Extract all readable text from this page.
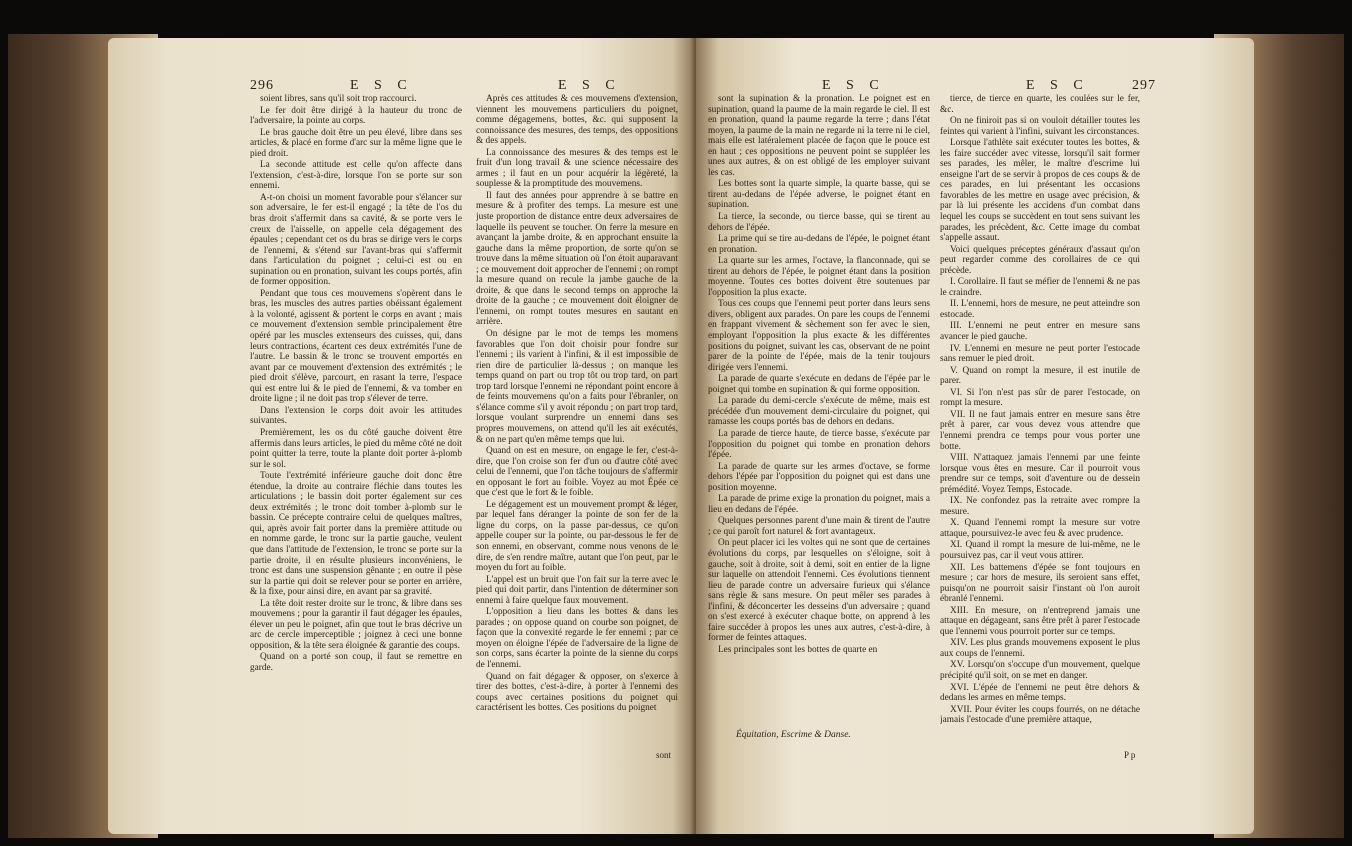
296	E S C	E S C

soient libres, sans qu'il soit trop raccourci.

Le fer doit être dirigé à la hauteur du tronc de l'adversaire, la pointe au corps.

Le bras gauche doit être un peu élevé, libre dans ses articles, & placé en forme d'arc sur la même ligne que le pied droit.

La seconde attitude est celle qu'on affecte dans l'extension, c'est-à-dire, lorsque l'on se porte sur son ennemi.

A-t-on choisi un moment favorable pour s'élancer sur son adversaire, le fer est-il engagé ; la tête de l'os du bras droit s'affermit dans sa cavité, & se porte vers le creux de l'aisselle, on appelle cela dégagement des épaules ; cependant cet os du bras se dirige vers le corps de l'ennemi, & s'étend sur l'avant-bras qui s'affermit dans l'articulation du poignet ; celui-ci est ou en supination ou en pronation, suivant les coups portés, afin de former opposition.

Pendant que tous ces mouvemens s'opèrent dans le bras, les muscles des autres parties obéissant également à la volonté, agissent & portent le corps en avant ; mais ce mouvement d'extension semble principalement être opéré par les muscles extenseurs des cuisses, qui, dans leurs contractions, écartent ces deux extrémités l'une de l'autre. Le bassin & le tronc se trouvent emportés en avant par ce mouvement d'extension des extrémités ; le pied droit s'élève, parcourt, en rasant la terre, l'espace qui est entre lui & le pied de l'ennemi, & va tomber en droite ligne ; il ne doit pas trop s'élever de terre.

Dans l'extension le corps doit avoir les attitudes suivantes.

Premièrement, les os du côté gauche doivent être affermis dans leurs articles, le pied du même côté ne doit point quitter la terre, toute la plante doit porter à-plomb sur le sol.

Toute l'extrémité inférieure gauche doit donc être étendue, la droite au contraire fléchie dans toutes les articulations ; le bassin doit porter également sur ces deux extrémités ; le tronc doit tomber à-plomb sur le bassin. Ce précepte contraire celui de quelques maîtres, qui, après avoir fait porter dans la première attitude ou en nomme garde, le tronc sur la partie gauche, veulent que dans l'attitude de l'extension, le tronc se porte sur la partie droite, il en résulte plusieurs inconvéniens, le tronc est dans une suspension gênante ; en outre il pèse sur la partie qui doit se relever pour se porter en arrière, & la fixe, pour ainsi dire, en avant par sa gravité.

La tête doit rester droite sur le tronc, & libre dans ses mouvemens ; pour la garantir il faut dégager les épaules, élever un peu le poignet, afin que tout le bras décrive un arc de cercle imperceptible ; joignez à ceci une bonne opposition, & la tête sera éloignée & garantie des coups.

Quand on a porté son coup, il faut se remettre en garde.

Après ces attitudes & ces mouvemens d'extension, viennent les mouvemens particuliers du poignet, comme dégagemens, bottes, &c. qui supposent la connoissance des mesures, des temps, des oppositions & des appels.

La connoissance des mesures & des temps est le fruit d'un long travail & une science nécessaire des armes ; il faut en un pour acquérir la légèreté, la souplesse & la promptitude des mouvemens.

Il faut des années pour apprendre à se battre en mesure & à profiter des temps. La mesure est une juste proportion de distance entre deux adversaires de laquelle ils peuvent se toucher. On ferre la mesure en avançant la jambe droite, & en approchant ensuite la gauche dans la même proportion, de sorte qu'on se trouve dans la même situation où l'on étoit auparavant ; ce mouvement doit approcher de l'ennemi ; on rompt la mesure quand on recule la jambe gauche de la droite, & que dans le second temps on approche la droite de la gauche ; ce mouvement doit éloigner de l'ennemi, on rompt toutes mesures en sautant en arrière.

On désigne par le mot de temps les momens favorables que l'on doit choisir pour fondre sur l'ennemi ; ils varient à l'infini, & il est impossible de rien dire de particulier là-dessus ; on manque les temps quand on part ou trop tôt ou trop tard, on part trop tard lorsque l'ennemi ne répondant point encore à de feints mouvemens qu'on a faits pour l'ébranler, on s'élance comme s'il y avoit répondu ; on part trop tard, lorsque voulant surprendre un ennemi dans ses propres mouvemens, on attend qu'il les ait exécutés, & on ne part qu'en même temps que lui.

Quand on est en mesure, on engage le fer, c'est-à-dire, que l'on croise son fer d'un ou d'autre côté avec celui de l'ennemi, que l'on tâche toujours de s'affermir en opposant le fort au foible. Voyez au mot Épée ce que c'est que le fort & le foible.

Le dégagement est un mouvement prompt & léger, par lequel fans déranger la pointe de son fer de la ligne du corps, on la passe par-dessus, ce qu'on appelle couper sur la pointe, ou par-dessous le fer de son ennemi, en observant, comme nous venons de le dire, de s'en rendre maître, autant que l'on peut, par le moyen du fort au foible.

L'appel est un bruit que l'on fait sur la terre avec le pied qui doit partir, dans l'intention de déterminer son ennemi à faire quelque faux mouvement.

L'opposition a lieu dans les bottes & dans les parades ; on oppose quand on courbe son poignet, de façon que la convexité regarde le fer ennemi ; par ce moyen on éloigne l'épée de l'adversaire de la ligne de son corps, sans écarter la pointe de la sienne du corps de l'ennemi.

Quand on fait dégager & opposer, on s'exerce à tirer des bottes, c'est-à-dire, à porter à l'ennemi des coups avec certaines positions du poignet qui caractérisent les bottes. Ces positions du poignet

sont
E S C	E S C	297

sont la supination & la pronation. Le poignet est en supination, quand la paume de la main regarde le ciel. Il est en pronation, quand la paume regarde la terre ; dans l'état moyen, la paume de la main ne regarde ni la terre ni le ciel, mais elle est latéralement placée de façon que le pouce est en haut ; ces oppositions ne peuvent point se suppléer les unes aux autres, & on est obligé de les employer suivant les cas.

Les bottes sont la quarte simple, la quarte basse, qui se tirent au-dedans de l'épée adverse, le poignet étant en supination.

La tierce, la seconde, ou tierce basse, qui se tirent au dehors de l'épée.

La prime qui se tire au-dedans de l'épée, le poignet étant en pronation.

La quarte sur les armes, l'octave, la flanconnade, qui se tirent au dehors de l'épée, le poignet étant dans la position moyenne. Toutes ces bottes doivent être soutenues par l'opposition la plus exacte.

Tous ces coups que l'ennemi peut porter dans leurs sens divers, obligent aux parades. On pare les coups de l'ennemi en frappant vivement & sèchement son fer avec le sien, employant l'opposition la plus exacte & les différentes positions du poignet, suivant les cas, observant de ne point parer de la pointe de l'épée, mais de la tenir toujours dirigée vers l'ennemi.

La parade de quarte s'exécute en dedans de l'épée par le poignet qui tombe en supination & qui forme opposition.

La parade du demi-cercle s'exécute de même, mais est précédée d'un mouvement demi-circulaire du poignet, qui ramasse les coups portés bas de dehors en dedans.

La parade de tierce haute, de tierce basse, s'exécute par l'opposition du poignet qui tombe en pronation dehors l'épée.

La parade de quarte sur les armes d'octave, se forme dehors l'épée par l'opposition du poignet qui est dans une position moyenne.

La parade de prime exige la pronation du poignet, mais a lieu en dedans de l'épée.

Quelques personnes parent d'une main & tirent de l'autre ; ce qui paroît fort naturel & fort avantageux.

On peut placer ici les voltes qui ne sont que de certaines évolutions du corps, par lesquelles on s'éloigne, soit à gauche, soit à droite, soit à demi, soit en entier de la ligne sur laquelle on attendoit l'ennemi. Ces évolutions tiennent lieu de parade contre un adversaire furieux qui s'élance sans règle & sans mesure. On peut mêler ses parades à l'infini, & déconcerter les desseins d'un adversaire ; quand on s'est exercé à exécuter chaque botte, on apprend à les faire succéder à propos les unes aux autres, c'est-à-dire, à former de feintes attaques.

Les principales sont les bottes de quarte en

tierce, de tierce en quarte, les coulées sur le fer, &c.

On ne finiroit pas si on vouloit détailler toutes les feintes qui varient à l'infini, suivant les circonstances.

Lorsque l'athlète sait exécuter toutes les bottes, & les faire succéder avec vitesse, lorsqu'il sait former ses parades, les mêler, le maître d'escrime lui enseigne l'art de se servir à propos de ces coups & de ces parades, en lui présentant les occasions favorables de les mettre en usage avec précision, & par là lui présente les accidens d'un combat dans lequel les coups se succèdent en tout sens suivant les parades, les précèdent, &c. Cette image du combat s'appelle assaut.

Voici quelques préceptes généraux d'assaut qu'on peut regarder comme des corollaires de ce qui précède.

I. Corollaire. Il faut se méfier de l'ennemi & ne pas le craindre.

II. L'ennemi, hors de mesure, ne peut atteindre son estocade.

III. L'ennemi ne peut entrer en mesure sans avancer le pied gauche.

IV. L'ennemi en mesure ne peut porter l'estocade sans remuer le pied droit.

V. Quand on rompt la mesure, il est inutile de parer.

VI. Si l'on n'est pas sûr de parer l'estocade, on rompt la mesure.

VII. Il ne faut jamais entrer en mesure sans être prêt à parer, car vous devez vous attendre que l'ennemi prendra ce temps pour vous porter une botte.

VIII. N'attaquez jamais l'ennemi par une feinte lorsque vous êtes en mesure. Car il pourroit vous prendre sur ce temps, soit d'aventure ou de dessein prémédité. Voyez Temps, Estocade.

IX. Ne confondez pas la retraite avec rompre la mesure.

X. Quand l'ennemi rompt la mesure sur votre attaque, poursuivez-le avec feu & avec prudence.

XI. Quand il rompt la mesure de lui-même, ne le poursuivez pas, car il veut vous attirer.

XII. Les battemens d'épée se font toujours en mesure ; car hors de mesure, ils seroient sans effet, puisqu'on ne pourroit saisir l'instant où l'on auroit ébranlé l'ennemi.

XIII. En mesure, on n'entreprend jamais une attaque en dégageant, sans être prêt à parer l'estocade que l'ennemi vous pourroit porter sur ce temps.

XIV. Les plus grands mouvemens exposent le plus aux coups de l'ennemi.

XV. Lorsqu'on s'occupe d'un mouvement, quelque précipité qu'il soit, on se met en danger.

XVI. L'épée de l'ennemi ne peut être dehors & dedans les armes en même temps.

XVII. Pour éviter les coups fourrés, on ne détache jamais l'estocade d'une première attaque,

Équitation, Escrime & Danse.
P p
